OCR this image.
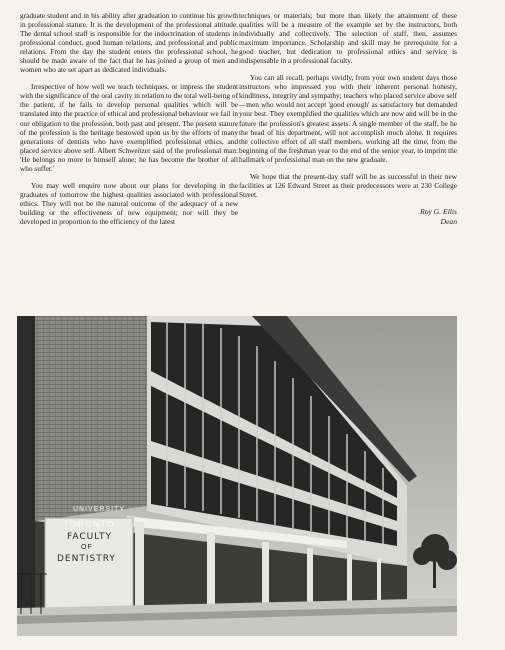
graduate student and in his ability after graduation to continue his growth in professional stature. It is the development of the professional attitude. The dental school staff is responsible for the indoctrination of students in professional conduct, good human relations, and professional and public relations. From the day the student enters the professional school, he should be made aware of the fact that he has joined a group of men and women who ate set apart as dedicated individuals.

Irrespective of how well we teach techniques, or impress the student with the significance of the oral cavity in relation to the total well-being of the patient, if he fails to develop personal qualities which will be translated into the practice of ethical and professional behaviour we fail in our obligation to the profession, both past and present. The present stature of the profession is the heritage bestowed upon us by the efforts of many generations of dentists who have exemplified professional ethics, and placed service above self. Albert Schweitzer said of the professional man: 'He belongs no more to himself alone; he has become the brother of all who suffer.'

You may well enquire now about our plans for developing in the graduates of tomorrow the highest qualities associated with professional ethics. They will not be the natural outcome of the adequacy of a new building or the effectiveness of new equipment; nor will they be developed in proportion to the efficiency of the latest

techniques or materials; but more than likely the attainment of these qualities will be a measure of the example set by the instructors, both individually and collectively. The selection of staff, then, assumes maximum importance. Scholarship and skill may be prerequisite for a good teacher, but dedication to professional ethics and service is indispensable in a professional faculty.

You can all recall, perhaps vividly, from your own student days those instructors who impressed you with their inherent personal honesty, kindliness, integrity and sympathy; teachers who placed service above self—men who would not accept 'good enough' as satisfactory but demanded your best. They exemplified the qualities which are now and will be in the future the profession's greatest assets. A single member of the staff, be he the head of his department, will not accomplish much alone. It requires the collective effort of all staff members, working all the time, from the beginning of the freshman year to the end of the senior year, to imprint the hallmark of professional man on the new graduate.

We hope that the present-day staff will be as successful in their new facilities at 126 Edward Street as their predecessors were at 230 College Street.

Roy G. Ellis
Dean
UNIVERSITY
TORONTO
FACULTY
OF
DENTISTRY
